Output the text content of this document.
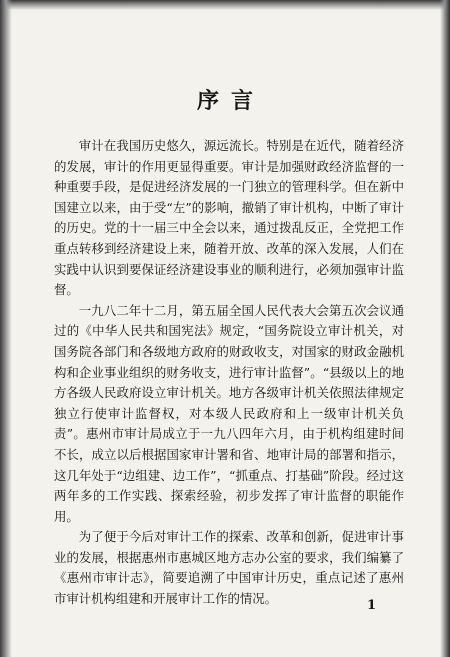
序言

审计在我国历史悠久，源远流长。特别是在近代，随着经济的发展，审计的作用更显得重要。审计是加强财政经济监督的一种重要手段，是促进经济发展的一门独立的管理科学。但在新中国建立以来，由于受“左”的影响，撤销了审计机构，中断了审计的历史。党的十一届三中全会以来，通过拨乱反正，全党把工作重点转移到经济建设上来，随着开放、改革的深入发展，人们在实践中认识到要保证经济建设事业的顺利进行，必须加强审计监督。

一九八二年十二月，第五届全国人民代表大会第五次会议通过的《中华人民共和国宪法》规定，“国务院设立审计机关，对国务院各部门和各级地方政府的财政收支，对国家的财政金融机构和企业事业组织的财务收支，进行审计监督”。“县级以上的地方各级人民政府设立审计机关。地方各级审计机关依照法律规定独立行使审计监督权，对本级人民政府和上一级审计机关负责”。惠州市审计局成立于一九八四年六月，由于机构组建时间不长，成立以后根据国家审计署和省、地审计局的部署和指示，这几年处于“边组建、边工作”，“抓重点、打基础”阶段。经过这两年多的工作实践、探索经验，初步发挥了审计监督的职能作用。

为了便于今后对审计工作的探索、改革和创新，促进审计事业的发展，根据惠州市惠城区地方志办公室的要求，我们编纂了《惠州市审计志》，简要追溯了中国审计历史，重点记述了惠州市审计机构组建和开展审计工作的情况。	1
